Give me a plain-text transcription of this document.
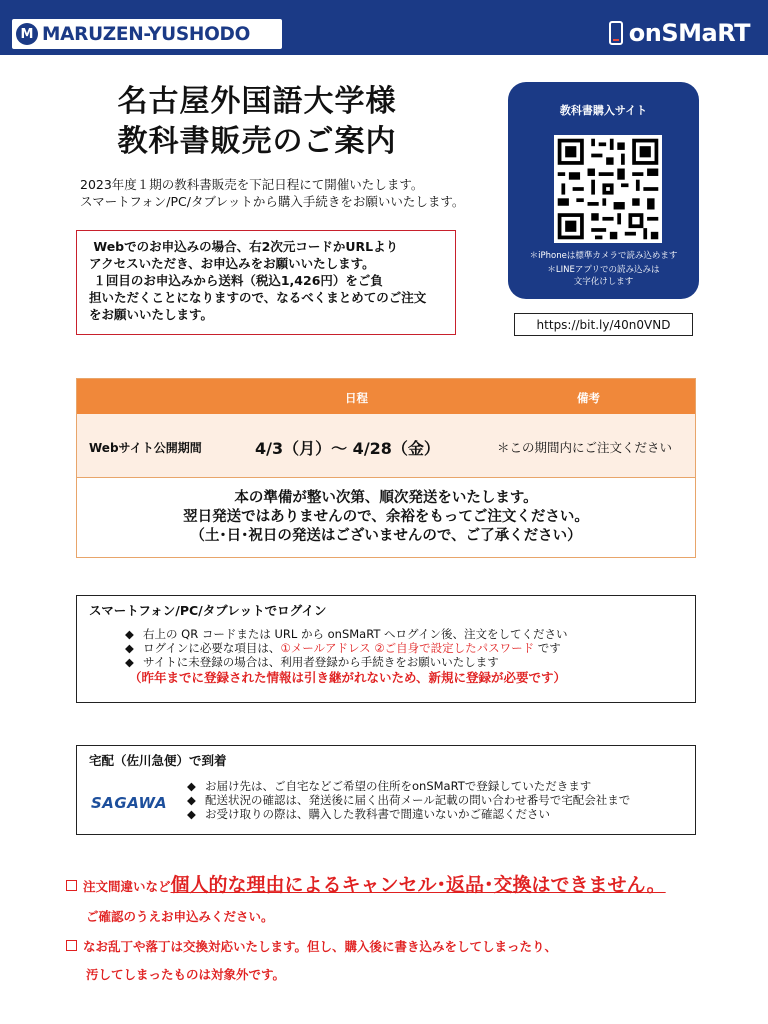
M MARUZEN-YUSHODO	onSMaRT
名古屋外国語大学様
教科書販売のご案内
2023年度１期の教科書販売を下記日程にて開催いたします。
スマートフォン/PC/タブレットから購入手続きをお願いいたします。

Webでのお申込みの場合、右2次元コードかURLより

アクセスいただき、お申込みをお願いいたします。

１回目のお申込みから送料（税込1,426円）をご負

担いただくことになりますので、なるべくまとめてのご注文

をお願いいたします。

教科書購入サイト
＊iPhoneは標準カメラで読み込めます
＊LINEアプリでの読み込みは
文字化けします
https://bit.ly/40n0VND
日程	備考
Webサイト公開期間	4/3（月）～ 4/28（金）	＊この期間内にご注文ください
本の準備が整い次第、順次発送をいたします。
翌日発送ではありませんので、余裕をもってご注文ください。
（土･日･祝日の発送はございませんので、ご了承ください）
スマートフォン/PC/タブレットでログイン
◆ 右上の QR コードまたは URL から onSMaRT へログイン後、注文をしてください
◆ ログインに必要な項目は、①メールアドレス ②ご自身で設定したパスワード です
◆ サイトに未登録の場合は、利用者登録から手続きをお願いいたします
（昨年までに登録された情報は引き継がれないため、新規に登録が必要です）
宅配（佐川急便）で到着
SAGAWA
◆ お届け先は、ご自宅などご希望の住所をonSMaRTで登録していただきます
◆ 配送状況の確認は、発送後に届く出荷メール記載の問い合わせ番号で宅配会社まで
◆ お受け取りの際は、購入した教科書で間違いないかご確認ください
注文間違いなど 個人的な理由によるキャンセル･返品･交換はできません。
ご確認のうえお申込みください。
なお乱丁や落丁は交換対応いたします。但し、購入後に書き込みをしてしまったり、
汚してしまったものは対象外です。
